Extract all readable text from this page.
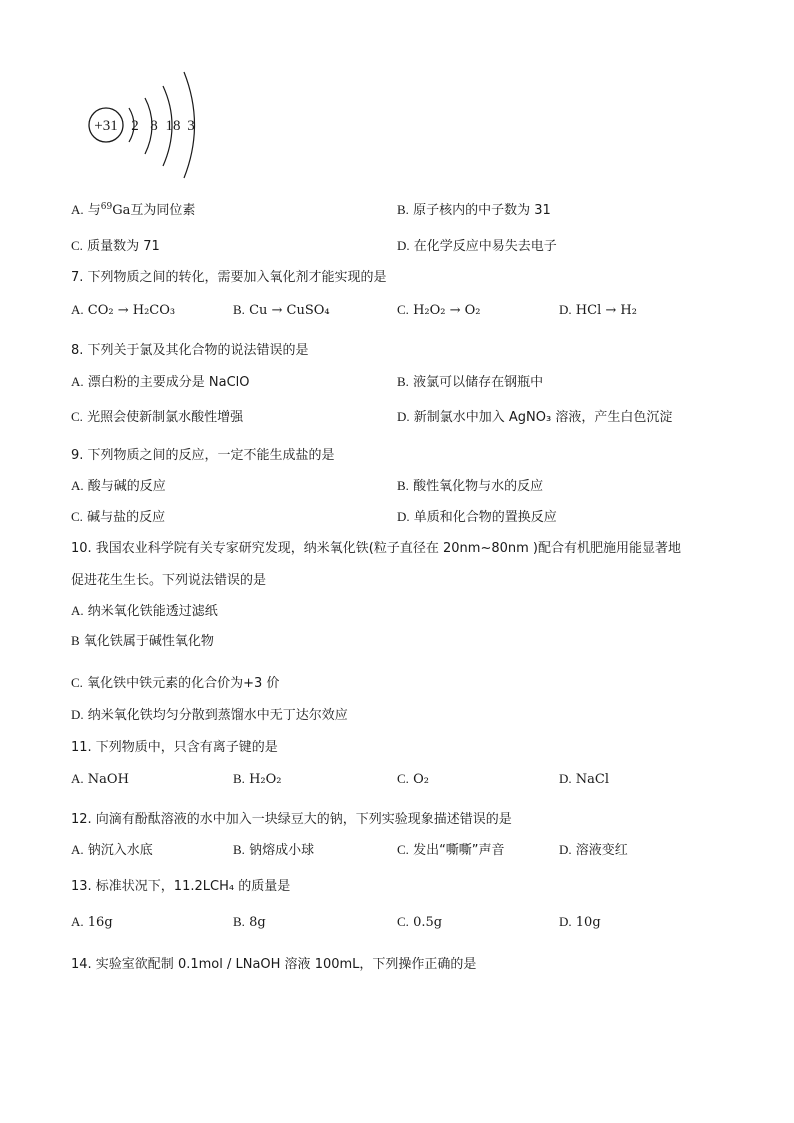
+31 2 8 18 3
A. 与$^{69}$Ga互为同位素	B. 原子核内的中子数为 31
C. 质量数为 71	D. 在化学反应中易失去电子
7. 下列物质之间的转化，需要加入氧化剂才能实现的是
A. CO₂ → H₂CO₃	B. Cu → CuSO₄	C. H₂O₂ → O₂	D. HCl → H₂
8. 下列关于氯及其化合物的说法错误的是
A. 漂白粉的主要成分是 NaClO	B. 液氯可以储存在钢瓶中
C. 光照会使新制氯水酸性增强	D. 新制氯水中加入 AgNO₃ 溶液，产生白色沉淀
9. 下列物质之间的反应，一定不能生成盐的是
A. 酸与碱的反应	B. 酸性氧化物与水的反应
C. 碱与盐的反应	D. 单质和化合物的置换反应
10. 我国农业科学院有关专家研究发现，纳米氧化铁(粒子直径在 20nm~80nm )配合有机肥施用能显著地
促进花生生长。下列说法错误的是
A. 纳米氧化铁能透过滤纸
B 氧化铁属于碱性氧化物
C. 氧化铁中铁元素的化合价为+3 价
D. 纳米氧化铁均匀分散到蒸馏水中无丁达尔效应
11. 下列物质中，只含有离子键的是
A. NaOH	B. H₂O₂	C. O₂	D. NaCl
12. 向滴有酚酞溶液的水中加入一块绿豆大的钠，下列实验现象描述错误的是
A. 钠沉入水底	B. 钠熔成小球	C. 发出“嘶嘶”声音	D. 溶液变红
13. 标准状况下，11.2LCH₄ 的质量是
A. 16g	B. 8g	C. 0.5g	D. 10g
14. 实验室欲配制 0.1mol / LNaOH 溶液 100mL，下列操作正确的是
